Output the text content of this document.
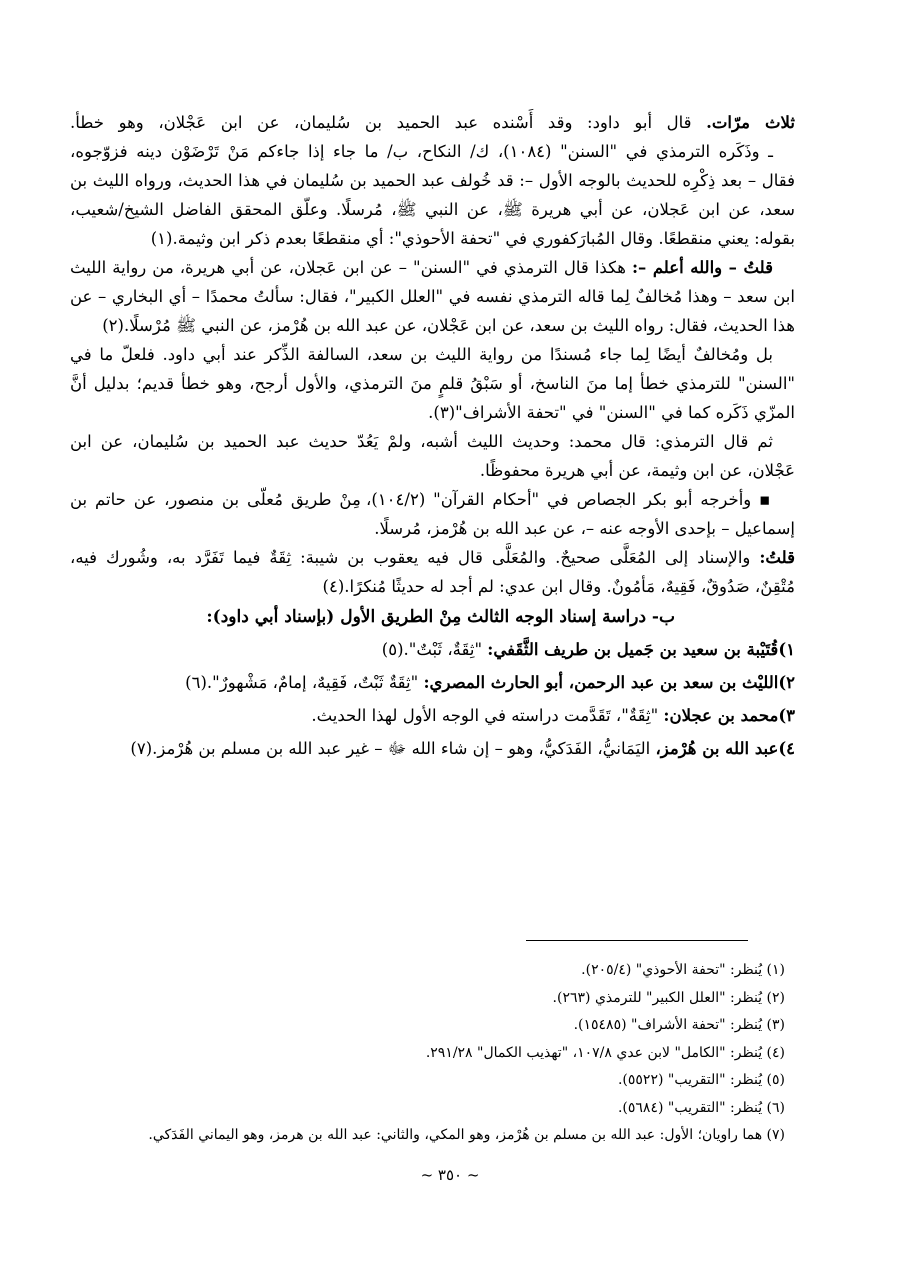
ثلاث مرّات. قال أبو داود: وقد أَسْنده عبد الحميد بن سُليمان، عن ابن عَجْلان، وهو خطأ.
ـ وذَكَره الترمذي في "السنن" (١٠٨٤)، ك/ النكاح، ب/ ما جاء إذا جاءكم مَنْ تَرْضَوْن دينه فزوّجوه،
فقال – بعد ذِكْرِه للحديث بالوجه الأول –: قد خُولف عبد الحميد بن سُليمان في هذا الحديث، ورواه الليث بن
سعد، عن ابن عَجلان، عن أبي هريرة ﷺ، عن النبي ﷺ، مُرسلًا. وعلّق المحقق الفاضل الشيخ/شعيب،
بقوله: يعني منقطعًا. وقال المُبارَكفوري في "تحفة الأحوذي": أي منقطعًا بعدم ذكر ابن وثيمة.(١)
قلتُ – والله أعلم –: هكذا قال الترمذي في "السنن" – عن ابن عَجلان، عن أبي هريرة، من رواية الليث
ابن سعد – وهذا مُخالفٌ لِما قاله الترمذي نفسه في "العلل الكبير"، فقال: سألتُ محمدًا – أي البخاري – عن
هذا الحديث، فقال: رواه الليث بن سعد، عن ابن عَجْلان، عن عبد الله بن هُرْمز، عن النبي ﷺ مُرْسلًا.(٢)
بل ومُخالفٌ أيضًا لِما جاء مُسندًا من رواية الليث بن سعد، السالفة الذِّكر عند أبي داود. فلعلّ ما في
"السنن" للترمذي خطأ إما منَ الناسخ، أو سَبْقُ قلمٍ منَ الترمذي، والأول أرجح، وهو خطأ قديم؛ بدليل أنَّ
المزّي ذَكَره كما في "السنن" في "تحفة الأشراف"(٣).
ثم قال الترمذي: قال محمد: وحديث الليث أشبه، ولمْ يَعُدّ حديث عبد الحميد بن سُليمان، عن ابن
عَجْلان، عن ابن وثيمة، عن أبي هريرة محفوظًا.
▪ وأخرجه أبو بكر الجصاص في "أحكام القرآن" (١٠٤/٢)، مِنْ طريق مُعلّى بن منصور، عن حاتم بن
إسماعيل – بإحدى الأوجه عنه –، عن عبد الله بن هُرْمز، مُرسلًا.
قلتُ: والإسناد إلى المُعَلَّى صحيحٌ. والمُعَلَّى قال فيه يعقوب بن شيبة: ثِقَةٌ فيما تَفَرَّد به، وشُورك فيه،
مُتْقِنٌ، صَدُوقٌ، فَقِيهٌ، مَأمُونٌ. وقال ابن عدي: لم أجد له حديثًا مُنكرًا.(٤)
ب- دراسة إسناد الوجه الثالث مِنْ الطريق الأول (بإسناد أبي داود):
١)قُتَيْبة بن سعيد بن جَميل بن طريف الثَّقَفي: "ثِقَةٌ، ثَبْتٌ".(٥)
٢)الليْث بن سعد بن عبد الرحمن، أبو الحارث المصري: "ثِقَةٌ ثَبْتٌ، فَقِيهٌ، إمامٌ، مَشْهورٌ".(٦)
٣)محمد بن عجلان: "ثِقَةٌ"، تَقَدَّمت دراسته في الوجه الأول لهذا الحديث.
٤)عبد الله بن هُرْمز، اليَمَانيُّ، الفَدَكيُّ، وهو – إن شاء الله ﷻ – غير عبد الله بن مسلم بن هُرْمز.(٧)
(١) يُنظر: "تحفة الأحوذي" (٢٠٥/٤).
(٢) يُنظر: "العلل الكبير" للترمذي (٢٦٣).
(٣) يُنظر: "تحفة الأشراف" (١٥٤٨٥).
(٤) يُنظر: "الكامل" لابن عدي ١٠٧/٨، "تهذيب الكمال" ٢٩١/٢٨.
(٥) يُنظر: "التقريب" (٥٥٢٢).
(٦) يُنظر: "التقريب" (٥٦٨٤).
(٧) هما راويان؛ الأول: عبد الله بن مسلم بن هُرْمز، وهو المكي، والثاني: عبد الله بن هرمز، وهو اليماني الفَدَكي.
~ ٣٥٠ ~
